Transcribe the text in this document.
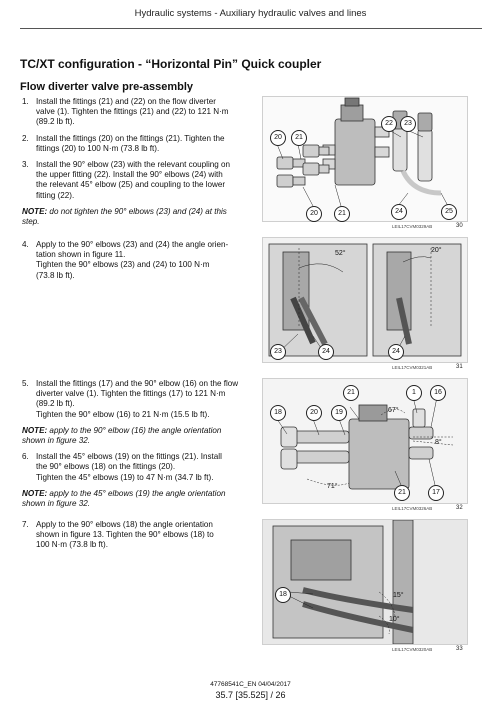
Hydraulic systems - Auxiliary hydraulic valves and lines
TC/XT configuration - “Horizontal Pin” Quick coupler
Flow diverter valve pre-assembly
1. Install the fittings (21) and (22) on the flow diverter
valve (1). Tighten the fittings (21) and (22) to 121 N·m
(89.2 lb ft).
2. Install the fittings (20) on the fittings (21). Tighten the
fittings (20) to 100 N·m (73.8 lb ft).
3. Install the 90° elbow (23) with the relevant coupling on
the upper fitting (22). Install the 90° elbows (24) with
the relevant 45° elbow (25) and coupling to the lower
fitting (22).
NOTE: do not tighten the 90° elbows (23) and (24) at this
step.
4. Apply to the 90° elbows (23) and (24) the angle orien-
tation shown in figure 11.
Tighten the 90° elbows (23) and (24) to 100 N·m
(73.8 lb ft).
5. Install the fittings (17) and the 90° elbow (16) on the flow
diverter valve (1). Tighten the fittings (17) to 121 N·m
(89.2 lb ft).
Tighten the 90° elbow (16) to 21 N·m (15.5 lb ft).
NOTE: apply to the 90° elbow (16) the angle orientation
shown in figure 32.
6. Install the 45° elbows (19) on the fittings (21). Install
the 90° elbows (18) on the fittings (20).
Tighten the 45° elbows (19) to 47 N·m (34.7 lb ft).
NOTE: apply to the 45° elbows (19) the angle orientation
shown in figure 32.
7. Apply to the 90° elbows (18) the angle orientation
shown in figure 13. Tighten the 90° elbows (18) to
100 N·m (73.8 lb ft).
20	21
20	21
22	23
24	25
LEIL17CVM0329AB	30
52°	20°
23	24	24
LEIL17CVM0321AB	31
67°
8°
71°
18	20	19
21	1	16
21	17
LEIL17CVM0326AB	32
15°
10°
18
LEIL17CVM0320AB	33
47768541C_EN 04/04/2017
35.7 [35.525] / 26
